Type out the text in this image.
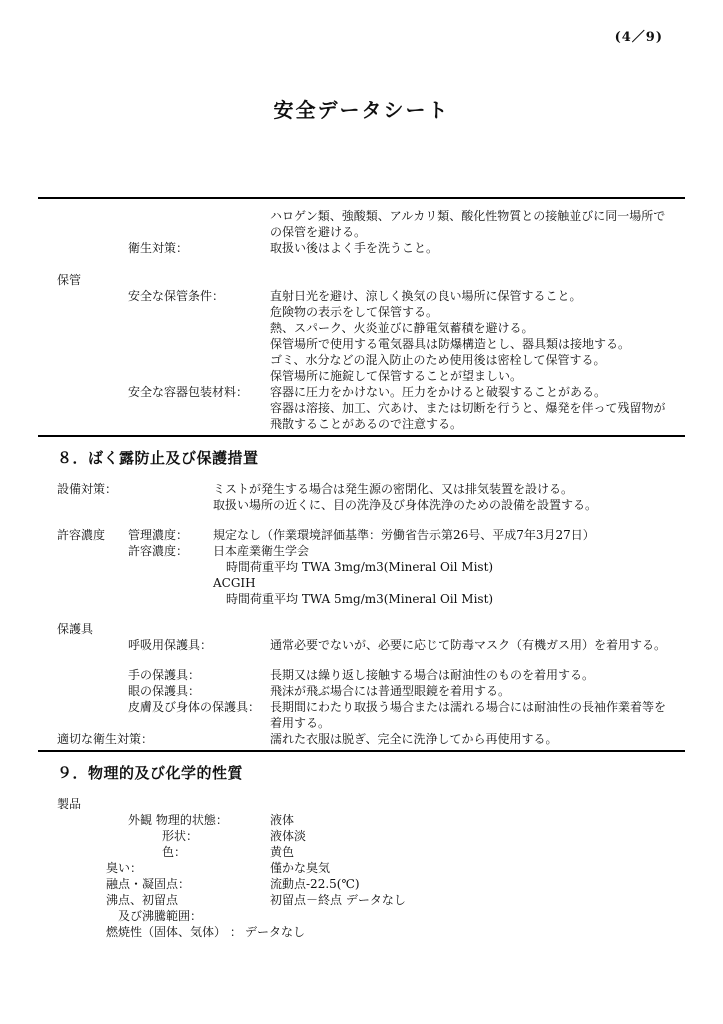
(4／9)
安全データシート
ハロゲン類、強酸類、アルカリ類、酸化性物質との接触並びに同一場所で
の保管を避ける。
衛生対策：	取扱い後はよく手を洗うこと。
保管
安全な保管条件：	直射日光を避け、涼しく換気の良い場所に保管すること。
危険物の表示をして保管する。
熱、スパーク、火炎並びに静電気蓄積を避ける。
保管場所で使用する電気器具は防爆構造とし、器具類は接地する。
ゴミ、水分などの混入防止のため使用後は密栓して保管する。
保管場所に施錠して保管することが望ましい。
安全な容器包装材料： 容器に圧力をかけない。圧力をかけると破裂することがある。
容器は溶接、加工、穴あけ、または切断を行うと、爆発を伴って残留物が
飛散することがあるので注意する。
８．ばく露防止及び保護措置
設備対策：	ミストが発生する場合は発生源の密閉化、又は排気装置を設ける。
取扱い場所の近くに、目の洗浄及び身体洗浄のための設備を設置する。
許容濃度 管理濃度： 規定なし（作業環境評価基準：労働省告示第26号、平成7年3月27日）
許容濃度： 日本産業衛生学会
時間荷重平均 TWA 3mg/m3(Mineral Oil Mist)
ACGIH
時間荷重平均 TWA 5mg/m3(Mineral Oil Mist)
保護具
呼吸用保護具：	通常必要でないが、必要に応じて防毒マスク（有機ガス用）を着用する。
手の保護具：	長期又は繰り返し接触する場合は耐油性のものを着用する。
眼の保護具：	飛沫が飛ぶ場合には普通型眼鏡を着用する。
皮膚及び身体の保護具： 長期間にわたり取扱う場合または濡れる場合には耐油性の長袖作業着等を
着用する。
適切な衛生対策：	濡れた衣服は脱ぎ、完全に洗浄してから再使用する。
９．物理的及び化学的性質
製品
外観 物理的状態：	液体
形状：	液体淡
色：	黄色
臭い：	僅かな臭気
融点・凝固点：	流動点-22.5(℃)
沸点、初留点	初留点－終点 データなし
及び沸騰範囲：
燃焼性（固体、気体） ： データなし
